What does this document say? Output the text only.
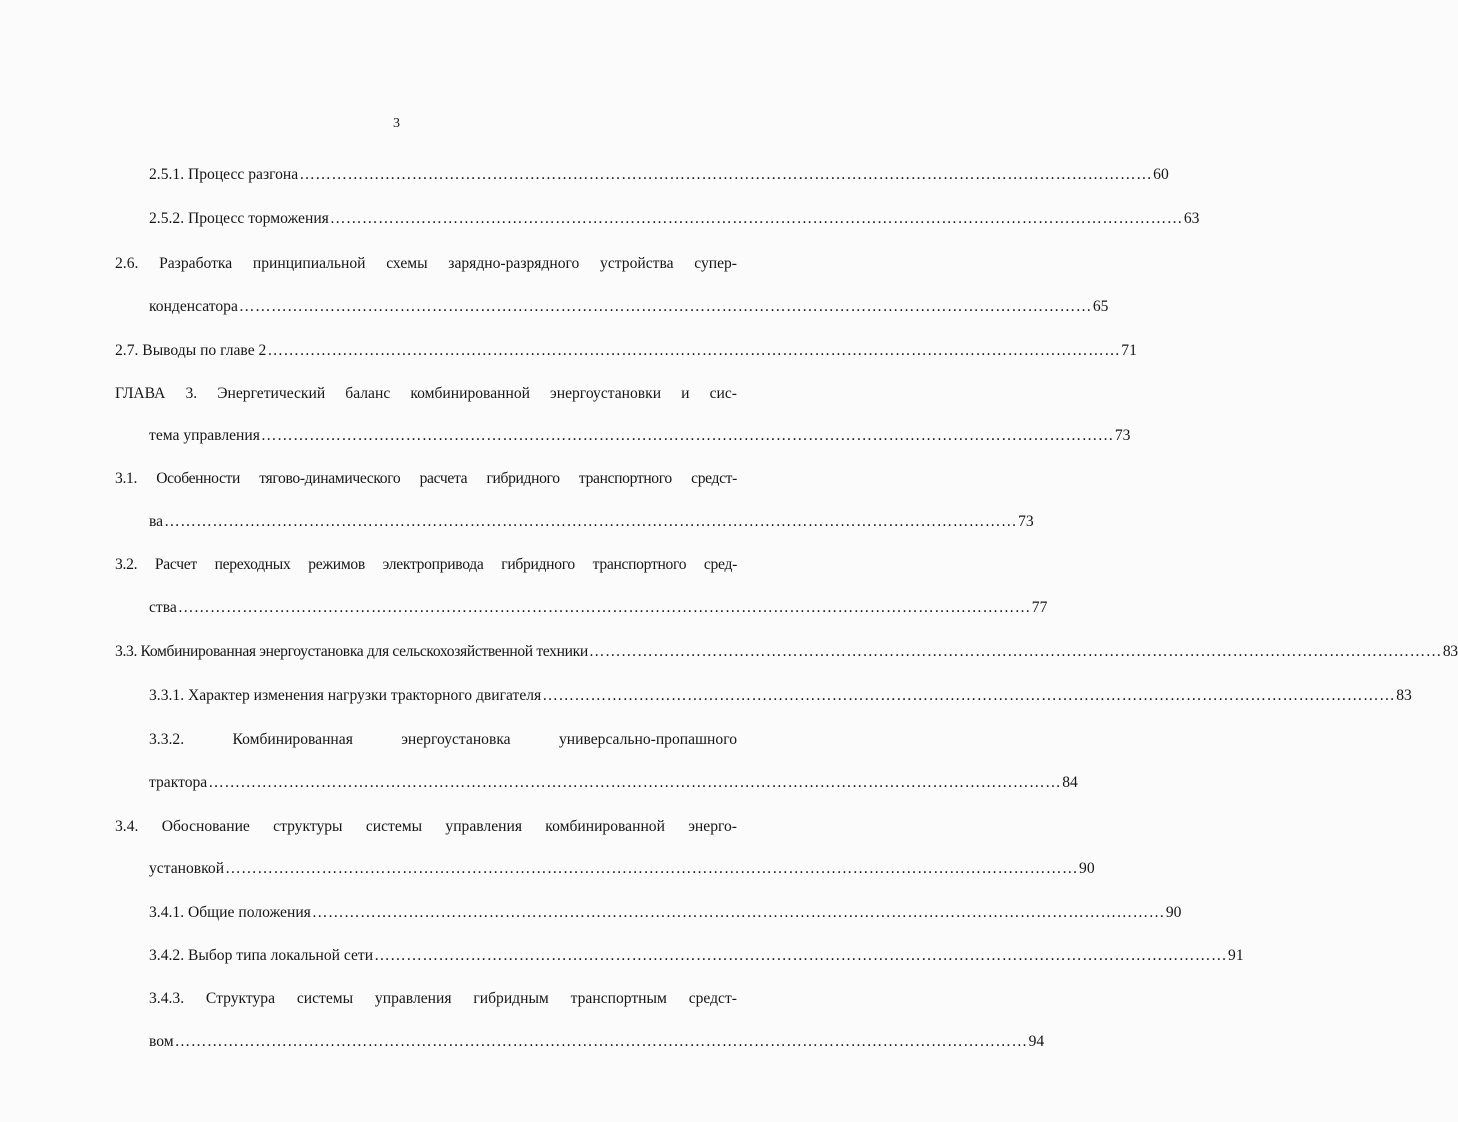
3
2.5.1. Процесс разгона …………………………………………………………………………………………………………………………………………… 60
2.5.2. Процесс торможения …………………………………………………………………………………………………………………………………………… 63
2.6. Разработка принципиальной схемы зарядно-разрядного устройства супер-
конденсатора …………………………………………………………………………………………………………………………………………… 65
2.7. Выводы по главе 2 …………………………………………………………………………………………………………………………………………… 71
ГЛАВА 3. Энергетический баланс комбинированной энергоустановки и сис-
тема управления …………………………………………………………………………………………………………………………………………… 73
3.1. Особенности тягово-динамического расчета гибридного транспортного средст-
ва …………………………………………………………………………………………………………………………………………… 73
3.2. Расчет переходных режимов электропривода гибридного транспортного сред-
ства …………………………………………………………………………………………………………………………………………… 77
3.3. Комбинированная энергоустановка для сельскохозяйственной техники …………………………………………………………………………………………………………………………………………… 83
3.3.1. Характер изменения нагрузки тракторного двигателя …………………………………………………………………………………………………………………………………………… 83
3.3.2. Комбинированная энергоустановка универсально-пропашного
трактора …………………………………………………………………………………………………………………………………………… 84
3.4. Обоснование структуры системы управления комбинированной энерго-
установкой …………………………………………………………………………………………………………………………………………… 90
3.4.1. Общие положения …………………………………………………………………………………………………………………………………………… 90
3.4.2. Выбор типа локальной сети …………………………………………………………………………………………………………………………………………… 91
3.4.3. Структура системы управления гибридным транспортным средст-
вом …………………………………………………………………………………………………………………………………………… 94
